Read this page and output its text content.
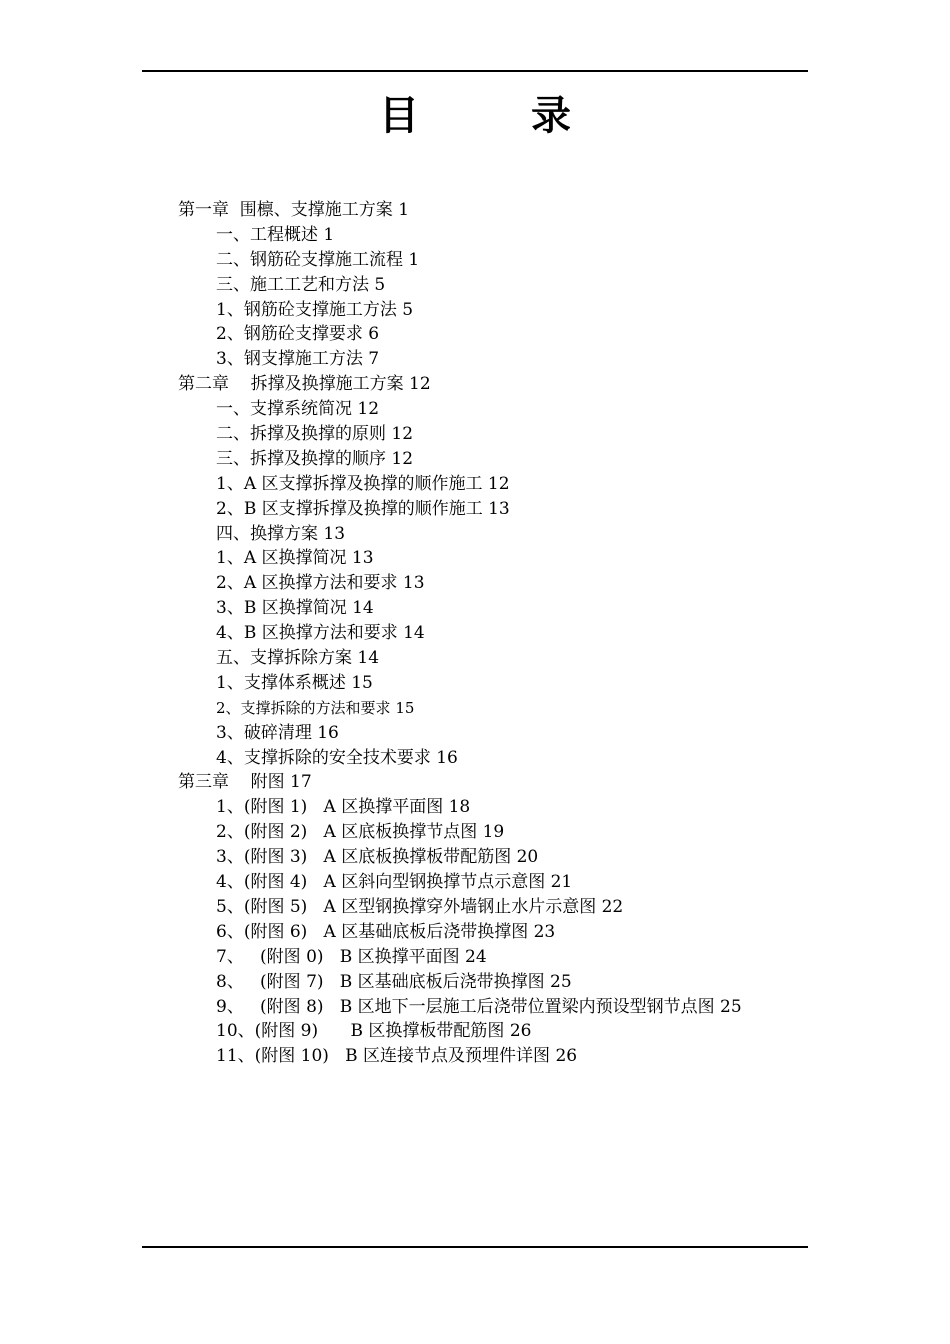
目　录
第一章  围檩、支撑施工方案 1
一、工程概述 1
二、钢筋砼支撑施工流程 1
三、施工工艺和方法 5
1、钢筋砼支撑施工方法 5
2、钢筋砼支撑要求 6
3、钢支撑施工方法 7
第二章    拆撑及换撑施工方案 12
一、支撑系统简况 12
二、拆撑及换撑的原则 12
三、拆撑及换撑的顺序 12
1、A 区支撑拆撑及换撑的顺作施工 12
2、B 区支撑拆撑及换撑的顺作施工 13
四、换撑方案 13
1、A 区换撑简况 13
2、A 区换撑方法和要求 13
3、B 区换撑简况 14
4、B 区换撑方法和要求 14
五、支撑拆除方案 14
1、支撑体系概述 15
2、支撑拆除的方法和要求 15
3、破碎清理 16
4、支撑拆除的安全技术要求 16
第三章    附图 17
1、(附图 1)   A 区换撑平面图 18
2、(附图 2)   A 区底板换撑节点图 19
3、(附图 3)   A 区底板换撑板带配筋图 20
4、(附图 4)   A 区斜向型钢换撑节点示意图 21
5、(附图 5)   A 区型钢换撑穿外墙钢止水片示意图 22
6、(附图 6)   A 区基础底板后浇带换撑图 23
7、   (附图 0)   B 区换撑平面图 24
8、   (附图 7)   B 区基础底板后浇带换撑图 25
9、   (附图 8)   B 区地下一层施工后浇带位置梁内预设型钢节点图 25
10、(附图 9)      B 区换撑板带配筋图 26
11、(附图 10)   B 区连接节点及预埋件详图 26
